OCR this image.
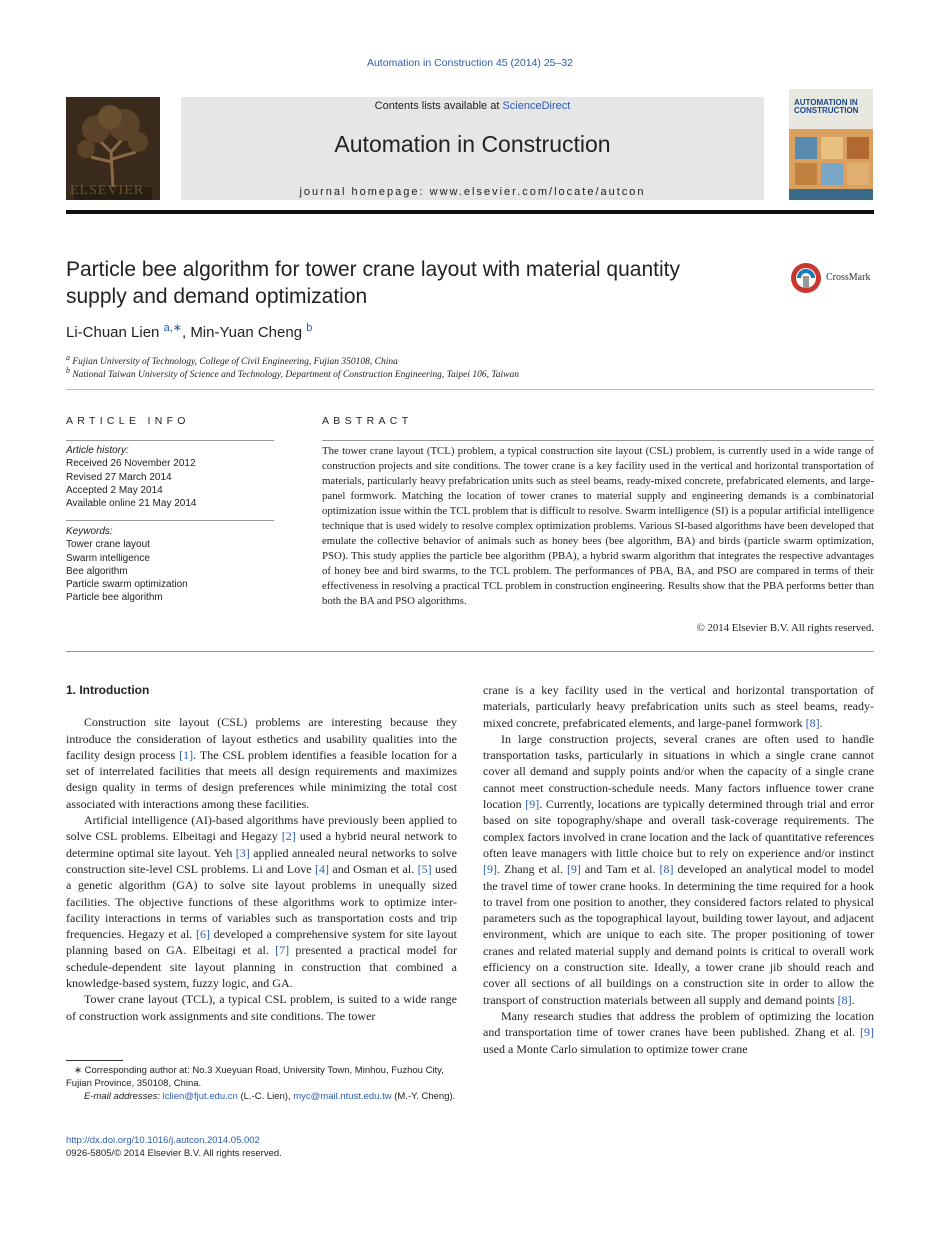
Automation in Construction 45 (2014) 25–32
ELSEVIER
Contents lists available at ScienceDirect
Automation in Construction
journal homepage: www.elsevier.com/locate/autcon
AUTOMATION IN CONSTRUCTION
Particle bee algorithm for tower crane layout with material quantity
supply and demand optimization
CrossMark
Li-Chuan Lien $^{a,∗}$, Min-Yuan Cheng $^b$
$^a$ Fujian University of Technology, College of Civil Engineering, Fujian 350108, China
$^b$ National Taiwan University of Science and Technology, Department of Construction Engineering, Taipei 106, Taiwan
ARTICLE INFO
Article history:
Received 26 November 2012
Revised 27 March 2014
Accepted 2 May 2014
Available online 21 May 2014
Keywords:
Tower crane layout
Swarm intelligence
Bee algorithm
Particle swarm optimization
Particle bee algorithm
ABSTRACT
The tower crane layout (TCL) problem, a typical construction site layout (CSL) problem, is currently used in a wide range of construction projects and site conditions. The tower crane is a key facility used in the vertical and horizontal transportation of materials, particularly heavy prefabrication units such as steel beams, ready-mixed concrete, prefabricated elements, and large-panel formwork. Matching the location of tower cranes to material supply and engineering demands is a combinatorial optimization issue within the TCL problem that is difficult to resolve. Swarm intelligence (SI) is a popular artificial intelligence technique that is used widely to resolve complex optimization problems. Various SI-based algorithms have been developed that emulate the collective behavior of animals such as honey bees (bee algorithm, BA) and birds (particle swarm optimization, PSO). This study applies the particle bee algorithm (PBA), a hybrid swarm algorithm that integrates the respective advantages of honey bee and bird swarms, to the TCL problem. The performances of PBA, BA, and PSO are compared in terms of their effectiveness in resolving a practical TCL problem in construction engineering. Results show that the PBA performs better than both the BA and PSO algorithms.
© 2014 Elsevier B.V. All rights reserved.

1. Introduction

Construction site layout (CSL) problems are interesting because they introduce the consideration of layout esthetics and usability qualities into the facility design process [1]. The CSL problem identifies a feasible location for a set of interrelated facilities that meets all design requirements and maximizes design quality in terms of design preferences while minimizing the total cost associated with interactions among these facilities.

Artificial intelligence (AI)-based algorithms have previously been applied to solve CSL problems. Elbeitagi and Hegazy [2] used a hybrid neural network to determine optimal site layout. Yeh [3] applied annealed neural networks to solve construction site-level CSL problems. Li and Love [4] and Osman et al. [5] used a genetic algorithm (GA) to solve site layout problems in unequally sized facilities. The objective functions of these algorithms work to optimize inter-facility interactions in terms of variables such as transportation costs and trip frequencies. Hegazy et al. [6] developed a comprehensive system for site layout planning based on GA. Elbeitagi et al. [7] presented a practical model for schedule-dependent site layout planning in construction that combined a knowledge-based system, fuzzy logic, and GA.

Tower crane layout (TCL), a typical CSL problem, is suited to a wide range of construction work assignments and site conditions. The tower

crane is a key facility used in the vertical and horizontal transportation of materials, particularly heavy prefabrication units such as steel beams, ready-mixed concrete, prefabricated elements, and large-panel formwork [8].

In large construction projects, several cranes are often used to handle transportation tasks, particularly in situations in which a single crane cannot cover all demand and supply points and/or when the capacity of a single crane cannot meet construction-schedule needs. Many factors influence tower crane location [9]. Currently, locations are typically determined through trial and error based on site topography/shape and overall task-coverage requirements. The complex factors involved in crane location and the lack of quantitative references often leave managers with little choice but to rely on experience and/or instinct [9]. Zhang et al. [9] and Tam et al. [8] developed an analytical model to model the travel time of tower crane hooks. In determining the time required for a hook to travel from one position to another, they considered factors related to physical parameters such as the topographical layout, building tower layout, and adjacent environment, which are unique to each site. The proper positioning of tower cranes and related material supply and demand points is critical to overall work efficiency on a construction site. Ideally, a tower crane jib should reach and cover all sections of all buildings on a construction site in order to allow the transport of construction materials between all supply and demand points [8].

Many research studies that address the problem of optimizing the location and transportation time of tower cranes have been published. Zhang et al. [9] used a Monte Carlo simulation to optimize tower crane

∗ Corresponding author at: No.3 Xueyuan Road, University Town, Minhou, Fuzhou City, Fujian Province, 350108, China.
E-mail addresses: lclien@fjut.edu.cn (L.-C. Lien), myc@mail.ntust.edu.tw (M.-Y. Cheng).
http://dx.doi.org/10.1016/j.autcon.2014.05.002
0926-5805/© 2014 Elsevier B.V. All rights reserved.
